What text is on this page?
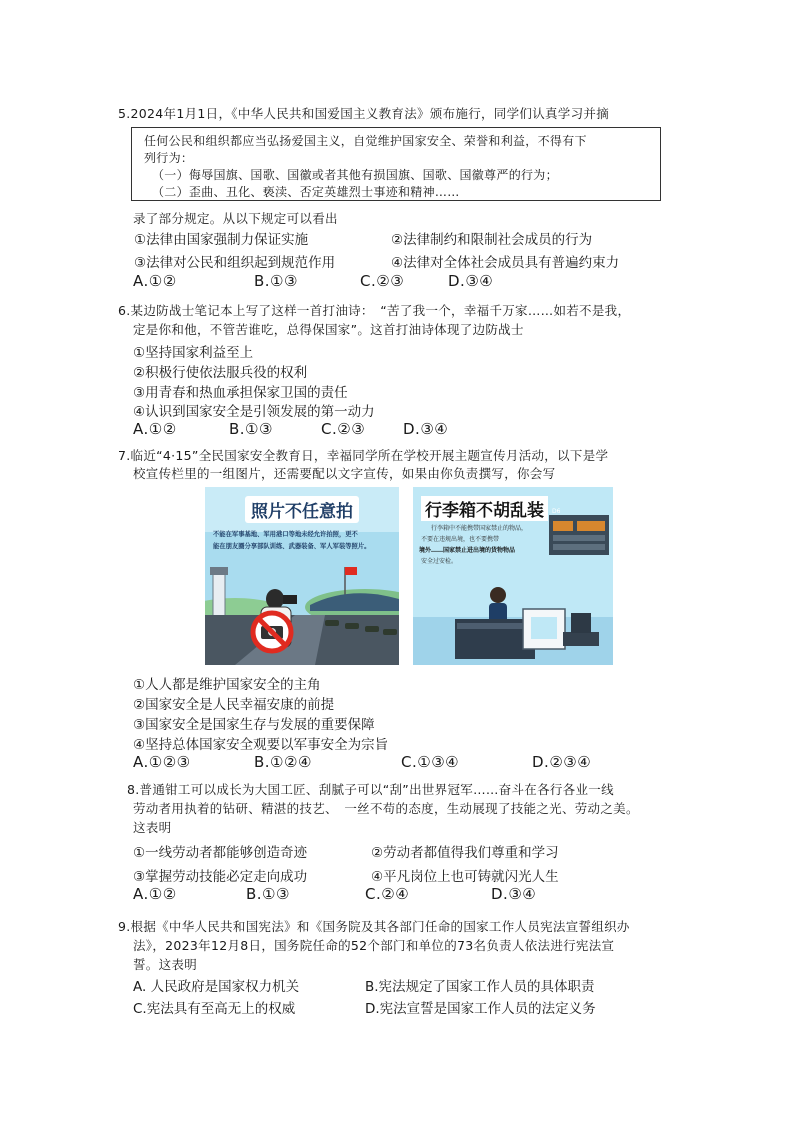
5.2024年1月1日，《中华人民共和国爱国主义教育法》颁布施行，同学们认真学习并摘
任何公民和组织都应当弘扬爱国主义，自觉维护国家安全、荣誉和利益，不得有下
列行为：
（一）侮辱国旗、国歌、国徽或者其他有损国旗、国歌、国徽尊严的行为；
（二）歪曲、丑化、亵渎、否定英雄烈士事迹和精神……
录了部分规定。从以下规定可以看出
①法律由国家强制力保证实施	②法律制约和限制社会成员的行为
③法律对公民和组织起到规范作用	④法律对全体社会成员具有普遍约束力
A.①②	B.①③	C.②③	D.③④
6.某边防战士笔记本上写了这样一首打油诗：　“苦了我一个，幸福千万家……如若不是我，
定是你和他，不管苦谁吃，总得保国家”。这首打油诗体现了边防战士
①坚持国家利益至上
②积极行使依法服兵役的权利
③用青春和热血承担保家卫国的责任
④认识到国家安全是引领发展的第一动力
A.①②	B.①③	C.②③	D.③④
7.临近“4·15”全民国家安全教育日，幸福同学所在学校开展主题宣传月活动，以下是学
校宣传栏里的一组图片，还需要配以文字宣传，如果由你负责撰写，你会写
照片不任意拍
不能在军事基地、军用港口等地未经允许拍照，更不
能在朋友圈分享部队训练、武器装备、军人军装等照片。
行李箱不胡乱装
行李箱中不能携带国家禁止的物品，
不要在违规出境，也不要携带
境外……国家禁止进出境的货物物品
安全过安检。
D6
①人人都是维护国家安全的主角
②国家安全是人民幸福安康的前提
③国家安全是国家生存与发展的重要保障
④坚持总体国家安全观要以军事安全为宗旨
A.①②③	B.①②④	C.①③④	D.②③④
8.普通钳工可以成长为大国工匠、刮腻子可以“刮”出世界冠军……奋斗在各行各业一线
劳动者用执着的钻研、精湛的技艺、　一丝不苟的态度，生动展现了技能之光、劳动之美。
这表明
①一线劳动者都能够创造奇迹	②劳动者都值得我们尊重和学习
③掌握劳动技能必定走向成功	④平凡岗位上也可铸就闪光人生
A.①②	B.①③	C.②④	D.③④
9.根据《中华人民共和国宪法》和《国务院及其各部门任命的国家工作人员宪法宣誓组织办
法》，2023年12月8日，国务院任命的52个部门和单位的73名负责人依法进行宪法宣
誓。这表明
A. 人民政府是国家权力机关	B.宪法规定了国家工作人员的具体职责
C.宪法具有至高无上的权威	D.宪法宣誓是国家工作人员的法定义务
